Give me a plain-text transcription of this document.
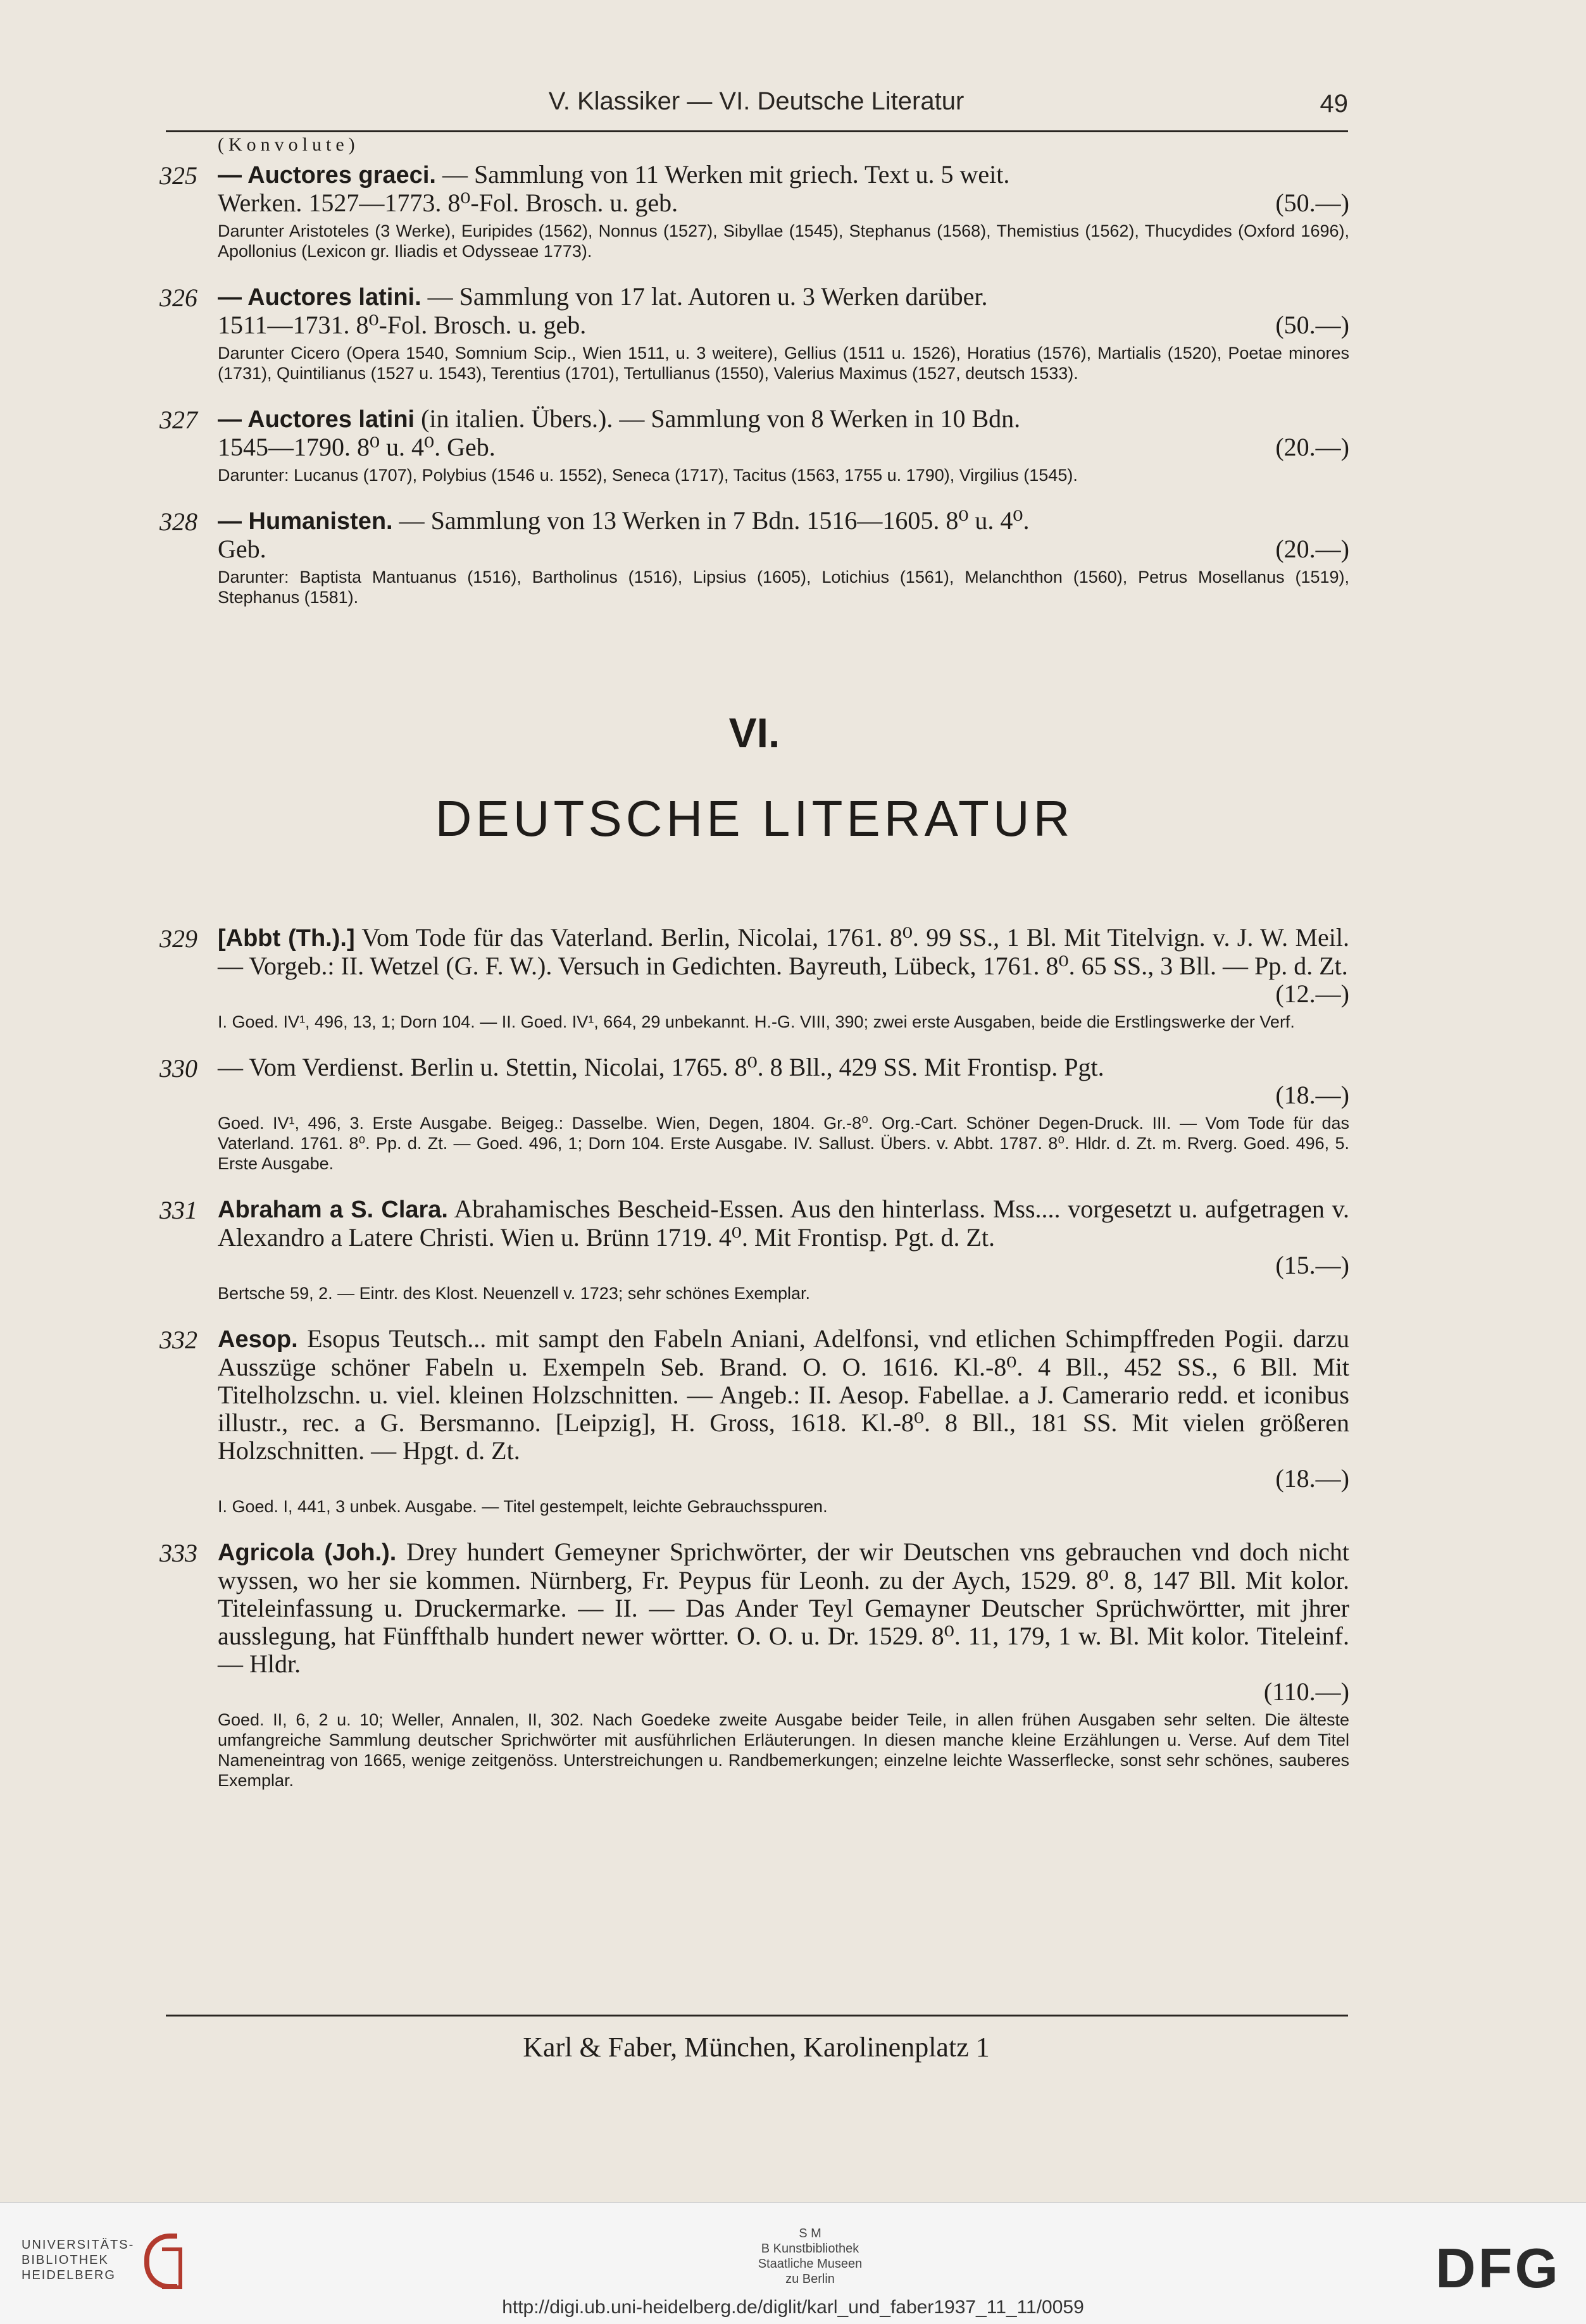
V. Klassiker — VI. Deutsche Literatur	49
(Konvolute)
325 — Auctores graeci. — Sammlung von 11 Werken mit griech. Text u. 5 weit.
Werken. 1527—1773. 8⁰-Fol. Brosch. u. geb.	(50.—)
Darunter Aristoteles (3 Werke), Euripides (1562), Nonnus (1527), Sibyllae (1545), Stephanus (1568), Themistius (1562), Thucydides (Oxford 1696), Apollonius (Lexicon gr. Iliadis et Odysseae 1773).
326 — Auctores latini. — Sammlung von 17 lat. Autoren u. 3 Werken darüber.
1511—1731. 8⁰-Fol. Brosch. u. geb.	(50.—)
Darunter Cicero (Opera 1540, Somnium Scip., Wien 1511, u. 3 weitere), Gellius (1511 u. 1526), Horatius (1576), Martialis (1520), Poetae minores (1731), Quintilianus (1527 u. 1543), Terentius (1701), Tertullianus (1550), Valerius Maximus (1527, deutsch 1533).
327 — Auctores latini (in italien. Übers.). — Sammlung von 8 Werken in 10 Bdn.
1545—1790. 8⁰ u. 4⁰. Geb.	(20.—)
Darunter: Lucanus (1707), Polybius (1546 u. 1552), Seneca (1717), Tacitus (1563, 1755 u. 1790), Virgilius (1545).
328 — Humanisten. — Sammlung von 13 Werken in 7 Bdn. 1516—1605. 8⁰ u. 4⁰.
Geb.	(20.—)
Darunter: Baptista Mantuanus (1516), Bartholinus (1516), Lipsius (1605), Lotichius (1561), Melanchthon (1560), Petrus Mosellanus (1519), Stephanus (1581).
VI.
DEUTSCHE LITERATUR
329 [Abbt (Th.).] Vom Tode für das Vaterland. Berlin, Nicolai, 1761. 8⁰. 99 SS., 1 Bl. Mit Titelvign. v. J. W. Meil. — Vorgeb.: II. Wetzel (G. F. W.). Versuch in Gedichten. Bayreuth, Lübeck, 1761. 8⁰. 65 SS., 3 Bll. — Pp. d. Zt.
(12.—)
I. Goed. IV¹, 496, 13, 1; Dorn 104. — II. Goed. IV¹, 664, 29 unbekannt. H.-G. VIII, 390; zwei erste Ausgaben, beide die Erstlingswerke der Verf.
330 — Vom Verdienst. Berlin u. Stettin, Nicolai, 1765. 8⁰. 8 Bll., 429 SS. Mit Frontisp. Pgt.
(18.—)
Goed. IV¹, 496, 3. Erste Ausgabe. Beigeg.: Dasselbe. Wien, Degen, 1804. Gr.-8⁰. Org.-Cart. Schöner Degen-Druck. III. — Vom Tode für das Vaterland. 1761. 8⁰. Pp. d. Zt. — Goed. 496, 1; Dorn 104. Erste Ausgabe. IV. Sallust. Übers. v. Abbt. 1787. 8⁰. Hldr. d. Zt. m. Rverg. Goed. 496, 5. Erste Ausgabe.
331 Abraham a S. Clara. Abrahamisches Bescheid-Essen. Aus den hinterlass. Mss.... vorgesetzt u. aufgetragen v. Alexandro a Latere Christi. Wien u. Brünn 1719. 4⁰. Mit Frontisp. Pgt. d. Zt.
(15.—)
Bertsche 59, 2. — Eintr. des Klost. Neuenzell v. 1723; sehr schönes Exemplar.
332 Aesop. Esopus Teutsch... mit sampt den Fabeln Aniani, Adelfonsi, vnd etlichen Schimpffreden Pogii. darzu Ausszüge schöner Fabeln u. Exempeln Seb. Brand. O. O. 1616. Kl.-8⁰. 4 Bll., 452 SS., 6 Bll. Mit Titelholzschn. u. viel. kleinen Holzschnitten. — Angeb.: II. Aesop. Fabellae. a J. Camerario redd. et iconibus illustr., rec. a G. Bersmanno. [Leipzig], H. Gross, 1618. Kl.-8⁰. 8 Bll., 181 SS. Mit vielen größeren Holzschnitten. — Hpgt. d. Zt.
(18.—)
I. Goed. I, 441, 3 unbek. Ausgabe. — Titel gestempelt, leichte Gebrauchsspuren.
333 Agricola (Joh.). Drey hundert Gemeyner Sprichwörter, der wir Deutschen vns gebrauchen vnd doch nicht wyssen, wo her sie kommen. Nürnberg, Fr. Peypus für Leonh. zu der Aych, 1529. 8⁰. 8, 147 Bll. Mit kolor. Titeleinfassung u. Druckermarke. — II. — Das Ander Teyl Gemayner Deutscher Sprüchwörtter, mit jhrer ausslegung, hat Fünffthalb hundert newer wörtter. O. O. u. Dr. 1529. 8⁰. 11, 179, 1 w. Bl. Mit kolor. Titeleinf. — Hldr.
(110.—)
Goed. II, 6, 2 u. 10; Weller, Annalen, II, 302. Nach Goedeke zweite Ausgabe beider Teile, in allen frühen Ausgaben sehr selten. Die älteste umfangreiche Sammlung deutscher Sprichwörter mit ausführlichen Erläuterungen. In diesen manche kleine Erzählungen u. Verse. Auf dem Titel Nameneintrag von 1665, wenige zeitgenöss. Unterstreichungen u. Randbemerkungen; einzelne leichte Wasserflecke, sonst sehr schönes, sauberes Exemplar.
Karl & Faber, München, Karolinenplatz 1
UNIVERSITÄTS-
BIBLIOTHEK
HEIDELBERG
S M
B Kunstbibliothek
Staatliche Museen
zu Berlin	DFG
http://digi.ub.uni-heidelberg.de/diglit/karl_und_faber1937_11_11/0059
